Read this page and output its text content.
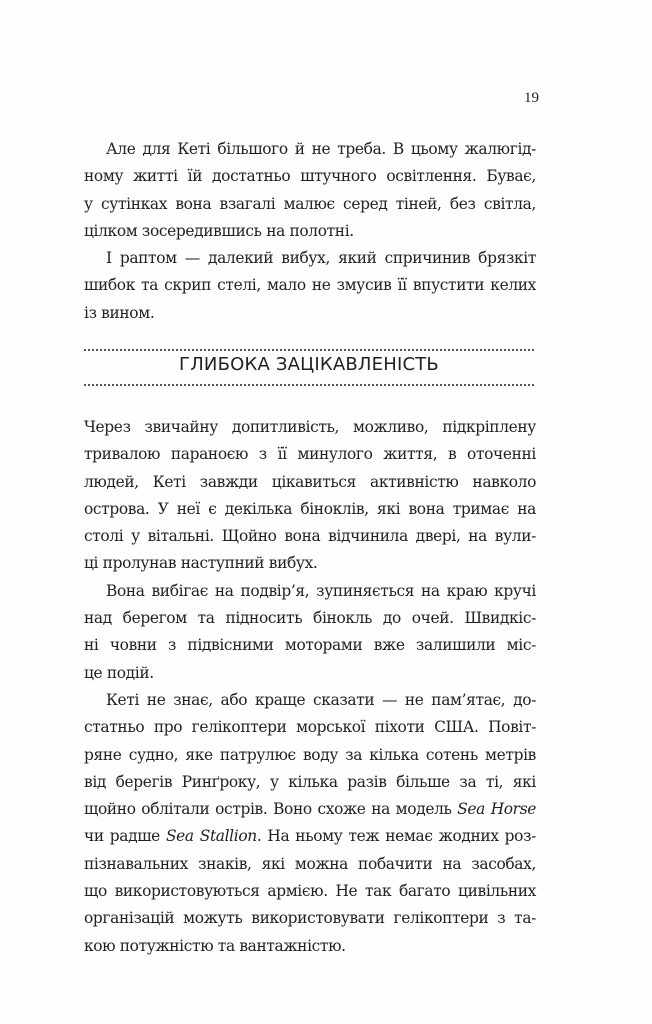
19
Але для Кеті більшого й не треба. В цьому жалюгід-
ному житті їй достатньо штучного освітлення. Буває,
у сутінках вона взагалі малює серед тіней, без світла,
цілком зосередившись на полотні.
І раптом — далекий вибух, який спричинив брязкіт
шибок та скрип стелі, мало не змусив її впустити келих
із вином.
ГЛИБОКА ЗАЦІКАВЛЕНІСТЬ
Через звичайну допитливість, можливо, підкріплену
тривалою параноєю з її минулого життя, в оточенні
людей, Кеті завжди цікавиться активністю навколо
острова. У неї є декілька біноклів, які вона тримає на
столі у вітальні. Щойно вона відчинила двері, на вули-
ці пролунав наступний вибух.
Вона вибігає на подвір’я, зупиняється на краю кручі
над берегом та підносить бінокль до очей. Швидкіс-
ні човни з підвісними моторами вже залишили міс-
це подій.
Кеті не знає, або краще сказати — не пам’ятає, до-
статньо про гелікоптери морської піхоти США. Повіт-
ряне судно, яке патрулює воду за кілька сотень метрів
від берегів Ринґроку, у кілька разів більше за ті, які
щойно облітали острів. Воно схоже на модель Sea Horse
чи радше Sea Stallion. На ньому теж немає жодних роз-
пізнавальних знаків, які можна побачити на засобах,
що використовуються армією. Не так багато цивільних
організацій можуть використовувати гелікоптери з та-
кою потужністю та вантажністю.
